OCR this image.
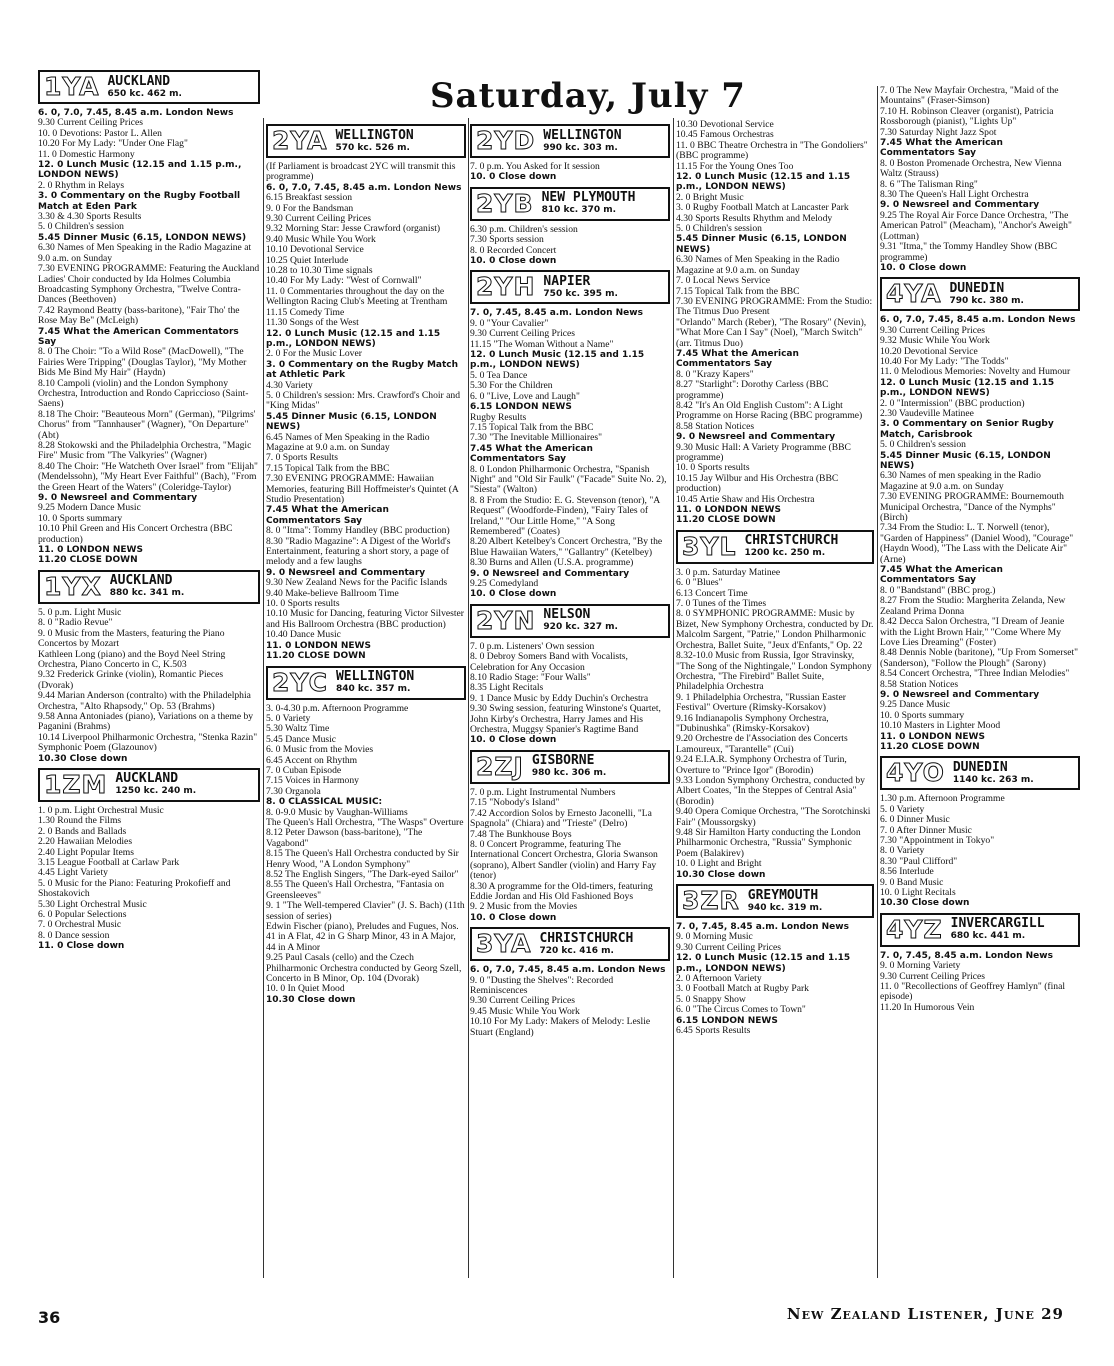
Saturday, July 7
1YA AUCKLAND
650 kc. 462 m.

6. 0, 7.0, 7.45, 8.45 a.m. London News

9.30 Current Ceiling Prices

10. 0 Devotions: Pastor L. Allen

10.20 For My Lady: "Under One Flag"

11. 0 Domestic Harmony

12. 0 Lunch Music (12.15 and 1.15 p.m., LONDON NEWS)

2. 0 Rhythm in Relays

3. 0 Commentary on the Rugby Football Match at Eden Park

3.30 & 4.30 Sports Results

5. 0 Children's session

5.45 Dinner Music (6.15, LONDON NEWS)

6.30 Names of Men Speaking in the Radio Magazine at 9.0 a.m. on Sunday

7.30 EVENING PROGRAMME: Featuring the Auckland Ladies' Choir conducted by Ida Holmes Columbia Broadcasting Symphony Orchestra, "Twelve Contra-Dances (Beethoven)

7.42 Raymond Beatty (bass-baritone), "Fair Tho' the Rose May Be" (McLeigh)

7.45 What the American Commentators Say

8. 0 The Choir: "To a Wild Rose" (MacDowell), "The Fairies Were Tripping" (Douglas Taylor), "My Mother Bids Me Bind My Hair" (Haydn)

8.10 Campoli (violin) and the London Symphony Orchestra, Introduction and Rondo Capriccioso (Saint-Saens)

8.18 The Choir: "Beauteous Morn" (German), "Pilgrims' Chorus" from "Tannhauser" (Wagner), "On Departure" (Abt)

8.28 Stokowski and the Philadelphia Orchestra, "Magic Fire" Music from "The Valkyries" (Wagner)

8.40 The Choir: "He Watcheth Over Israel" from "Elijah" (Mendelssohn), "My Heart Ever Faithful" (Bach), "From the Green Heart of the Waters" (Coleridge-Taylor)

9. 0 Newsreel and Commentary

9.25 Modern Dance Music

10. 0 Sports summary

10.10 Phil Green and His Concert Orchestra (BBC production)

11. 0 LONDON NEWS

11.20 CLOSE DOWN

1YX AUCKLAND
880 kc. 341 m.

5. 0 p.m. Light Music

8. 0 "Radio Revue"

9. 0 Music from the Masters, featuring the Piano Concertos by Mozart

Kathleen Long (piano) and the Boyd Neel String Orchestra, Piano Concerto in C, K.503

9.32 Frederick Grinke (violin), Romantic Pieces (Dvorak)

9.44 Marian Anderson (contralto) with the Philadelphia Orchestra, "Alto Rhapsody," Op. 53 (Brahms)

9.58 Anna Antoniades (piano), Variations on a theme by Paganini (Brahms)

10.14 Liverpool Philharmonic Orchestra, "Stenka Razin" Symphonic Poem (Glazounov)

10.30 Close down

1ZM AUCKLAND
1250 kc. 240 m.

1. 0 p.m. Light Orchestral Music

1.30 Round the Films

2. 0 Bands and Ballads

2.20 Hawaiian Melodies

2.40 Light Popular Items

3.15 League Football at Carlaw Park

4.45 Light Variety

5. 0 Music for the Piano: Featuring Prokofieff and Shostakovich

5.30 Light Orchestral Music

6. 0 Popular Selections

7. 0 Orchestral Music

8. 0 Dance session

11. 0 Close down

2YA WELLINGTON
570 kc. 526 m.

(If Parliament is broadcast 2YC will transmit this programme)

6. 0, 7.0, 7.45, 8.45 a.m. London News

6.15 Breakfast session

9. 0 For the Bandsman

9.30 Current Ceiling Prices

9.32 Morning Star: Jesse Crawford (organist)

9.40 Music While You Work

10.10 Devotional Service

10.25 Quiet Interlude

10.28 to 10.30 Time signals

10.40 For My Lady: "West of Cornwall"

11. 0 Commentaries throughout the day on the Wellington Racing Club's Meeting at Trentham

11.15 Comedy Time

11.30 Songs of the West

12. 0 Lunch Music (12.15 and 1.15 p.m., LONDON NEWS)

2. 0 For the Music Lover

3. 0 Commentary on the Rugby Match at Athletic Park

4.30 Variety

5. 0 Children's session: Mrs. Crawford's Choir and "King Midas"

5.45 Dinner Music (6.15, LONDON NEWS)

6.45 Names of Men Speaking in the Radio Magazine at 9.0 a.m. on Sunday

7. 0 Sports Results

7.15 Topical Talk from the BBC

7.30 EVENING PROGRAMME: Hawaiian Memories, featuring Bill Hoffmeister's Quintet (A Studio Presentation)

7.45 What the American Commentators Say

8. 0 "Itma": Tommy Handley (BBC production)

8.30 "Radio Magazine": A Digest of the World's Entertainment, featuring a short story, a page of melody and a few laughs

9. 0 Newsreel and Commentary

9.30 New Zealand News for the Pacific Islands

9.40 Make-believe Ballroom Time

10. 0 Sports results

10.10 Music for Dancing, featuring Victor Silvester and His Ballroom Orchestra (BBC production)

10.40 Dance Music

11. 0 LONDON NEWS

11.20 CLOSE DOWN

2YC WELLINGTON
840 kc. 357 m.

3. 0-4.30 p.m. Afternoon Programme

5. 0 Variety

5.30 Waltz Time

5.45 Dance Music

6. 0 Music from the Movies

6.45 Accent on Rhythm

7. 0 Cuban Episode

7.15 Voices in Harmony

7.30 Organola

8. 0 CLASSICAL MUSIC:

8. 0-9.0 Music by Vaughan-Williams

The Queen's Hall Orchestra, "The Wasps" Overture

8.12 Peter Dawson (bass-baritone), "The Vagabond"

8.15 The Queen's Hall Orchestra conducted by Sir Henry Wood, "A London Symphony"

8.52 The English Singers, "The Dark-eyed Sailor"

8.55 The Queen's Hall Orchestra, "Fantasia on Greensleeves"

9. 1 "The Well-tempered Clavier" (J. S. Bach) (11th session of series)

Edwin Fischer (piano), Preludes and Fugues, Nos. 41 in A Flat, 42 in G Sharp Minor, 43 in A Major, 44 in A Minor

9.25 Paul Casals (cello) and the Czech Philharmonic Orchestra conducted by Georg Szell, Concerto in B Minor, Op. 104 (Dvorak)

10. 0 In Quiet Mood

10.30 Close down

2YD WELLINGTON
990 kc. 303 m.

7. 0 p.m. You Asked for It session

10. 0 Close down

2YB NEW PLYMOUTH
810 kc. 370 m.

6.30 p.m. Children's session

7.30 Sports session

8. 0 Recorded Concert

10. 0 Close down

2YH NAPIER
750 kc. 395 m.

7. 0, 7.45, 8.45 a.m. London News

9. 0 "Your Cavalier"

9.30 Current Ceiling Prices

11.15 "The Woman Without a Name"

12. 0 Lunch Music (12.15 and 1.15 p.m., LONDON NEWS)

5. 0 Tea Dance

5.30 For the Children

6. 0 "Live, Love and Laugh"

6.15 LONDON NEWS

Rugby Results

7.15 Topical Talk from the BBC

7.30 "The Inevitable Millionaires"

7.45 What the American Commentators Say

8. 0 London Philharmonic Orchestra, "Spanish Night" and "Old Sir Faulk" ("Facade" Suite No. 2), "Siesta" (Walton)

8. 8 From the Studio: E. G. Stevenson (tenor), "A Request" (Woodforde-Finden), "Fairy Tales of Ireland," "Our Little Home," "A Song Remembered" (Coates)

8.20 Albert Ketelbey's Concert Orchestra, "By the Blue Hawaiian Waters," "Gallantry" (Ketelbey)

8.30 Burns and Allen (U.S.A. programme)

9. 0 Newsreel and Commentary

9.25 Comedyland

10. 0 Close down

2YN NELSON
920 kc. 327 m.

7. 0 p.m. Listeners' Own session

8. 0 Debroy Somers Band with Vocalists, Celebration for Any Occasion

8.10 Radio Stage: "Four Walls"

8.35 Light Recitals

9. 1 Dance Music by Eddy Duchin's Orchestra

9.30 Swing session, featuring Winstone's Quartet, John Kirby's Orchestra, Harry James and His Orchestra, Muggsy Spanier's Ragtime Band

10. 0 Close down

2ZJ GISBORNE
980 kc. 306 m.

7. 0 p.m. Light Instrumental Numbers

7.15 "Nobody's Island"

7.42 Accordion Solos by Ernesto Jaconelli, "La Spagnola" (Chiara) and "Trieste" (Delro)

7.48 The Bunkhouse Boys

8. 0 Concert Programme, featuring The International Concert Orchestra, Gloria Swanson (soprano), Albert Sandler (violin) and Harry Fay (tenor)

8.30 A programme for the Old-timers, featuring Eddie Jordan and His Old Fashioned Boys

9. 2 Music from the Movies

10. 0 Close down

3YA CHRISTCHURCH
720 kc. 416 m.

6. 0, 7.0, 7.45, 8.45 a.m. London News

9. 0 "Dusting the Shelves": Recorded Reminiscences

9.30 Current Ceiling Prices

9.45 Music While You Work

10.10 For My Lady: Makers of Melody: Leslie Stuart (England)

10.30 Devotional Service

10.45 Famous Orchestras

11. 0 BBC Theatre Orchestra in "The Gondoliers" (BBC programme)

11.15 For the Young Ones Too

12. 0 Lunch Music (12.15 and 1.15 p.m., LONDON NEWS)

2. 0 Bright Music

3. 0 Rugby Football Match at Lancaster Park

4.30 Sports Results Rhythm and Melody

5. 0 Children's session

5.45 Dinner Music (6.15, LONDON NEWS)

6.30 Names of Men Speaking in the Radio Magazine at 9.0 a.m. on Sunday

7. 0 Local News Service

7.15 Topical Talk from the BBC

7.30 EVENING PROGRAMME: From the Studio: The Titmus Duo Present

"Orlando" March (Reber), "The Rosary" (Nevin), "What More Can I Say" (Noel), "March Switch" (arr. Titmus Duo)

7.45 What the American Commentators Say

8. 0 "Krazy Kapers"

8.27 "Starlight": Dorothy Carless (BBC programme)

8.42 "It's An Old English Custom": A Light Programme on Horse Racing (BBC programme)

8.58 Station Notices

9. 0 Newsreel and Commentary

9.30 Music Hall: A Variety Programme (BBC programme)

10. 0 Sports results

10.15 Jay Wilbur and His Orchestra (BBC production)

10.45 Artie Shaw and His Orchestra

11. 0 LONDON NEWS

11.20 CLOSE DOWN

3YL CHRISTCHURCH
1200 kc. 250 m.

3. 0 p.m. Saturday Matinee

6. 0 "Blues"

6.13 Concert Time

7. 0 Tunes of the Times

8. 0 SYMPHONIC PROGRAMME: Music by Bizet, New Symphony Orchestra, conducted by Dr. Malcolm Sargent, "Patrie," London Philharmonic Orchestra, Ballet Suite, "Jeux d'Enfants," Op. 22

8.32-10.0 Music from Russia, Igor Stravinsky, "The Song of the Nightingale," London Symphony Orchestra, "The Firebird" Ballet Suite, Philadelphia Orchestra

9. 1 Philadelphia Orchestra, "Russian Easter Festival" Overture (Rimsky-Korsakov)

9.16 Indianapolis Symphony Orchestra, "Dubinushka" (Rimsky-Korsakov)

9.20 Orchestre de l'Association des Concerts Lamoureux, "Tarantelle" (Cui)

9.24 E.I.A.R. Symphony Orchestra of Turin, Overture to "Prince Igor" (Borodin)

9.33 London Symphony Orchestra, conducted by Albert Coates, "In the Steppes of Central Asia" (Borodin)

9.40 Opera Comique Orchestra, "The Sorotchinski Fair" (Moussorgsky)

9.48 Sir Hamilton Harty conducting the London Philharmonic Orchestra, "Russia" Symphonic Poem (Balakirev)

10. 0 Light and Bright

10.30 Close down

3ZR GREYMOUTH
940 kc. 319 m.

7. 0, 7.45, 8.45 a.m. London News

9. 0 Morning Music

9.30 Current Ceiling Prices

12. 0 Lunch Music (12.15 and 1.15 p.m., LONDON NEWS)

2. 0 Afternoon Variety

3. 0 Football Match at Rugby Park

5. 0 Snappy Show

6. 0 "The Circus Comes to Town"

6.15 LONDON NEWS

6.45 Sports Results

7. 0 The New Mayfair Orchestra, "Maid of the Mountains" (Fraser-Simson)

7.10 H. Robinson Cleaver (organist), Patricia Rossborough (pianist), "Lights Up"

7.30 Saturday Night Jazz Spot

7.45 What the American Commentators Say

8. 0 Boston Promenade Orchestra, New Vienna Waltz (Strauss)

8. 6 "The Talisman Ring"

8.30 The Queen's Hall Light Orchestra

9. 0 Newsreel and Commentary

9.25 The Royal Air Force Dance Orchestra, "The American Patrol" (Meacham), "Anchor's Aweigh" (Lottman)

9.31 "Itma," the Tommy Handley Show (BBC programme)

10. 0 Close down

4YA DUNEDIN
790 kc. 380 m.

6. 0, 7.0, 7.45, 8.45 a.m. London News

9.30 Current Ceiling Prices

9.32 Music While You Work

10.20 Devotional Service

10.40 For My Lady: "The Todds"

11. 0 Melodious Memories: Novelty and Humour

12. 0 Lunch Music (12.15 and 1.15 p.m., LONDON NEWS)

2. 0 "Intermission" (BBC production)

2.30 Vaudeville Matinee

3. 0 Commentary on Senior Rugby Match, Carisbrook

5. 0 Children's session

5.45 Dinner Music (6.15, LONDON NEWS)

6.30 Names of men speaking in the Radio Magazine at 9.0 a.m. on Sunday

7.30 EVENING PROGRAMME: Bournemouth Municipal Orchestra, "Dance of the Nymphs" (Birch)

7.34 From the Studio: L. T. Norwell (tenor), "Garden of Happiness" (Daniel Wood), "Courage" (Haydn Wood), "The Lass with the Delicate Air" (Arne)

7.45 What the American Commentators Say

8. 0 "Bandstand" (BBC prog.)

8.27 From the Studio: Margherita Zelanda, New Zealand Prima Donna

8.42 Decca Salon Orchestra, "I Dream of Jeanie with the Light Brown Hair," "Come Where My Love Lies Dreaming" (Foster)

8.48 Dennis Noble (baritone), "Up From Somerset" (Sanderson), "Follow the Plough" (Sarony)

8.54 Concert Orchestra, "Three Indian Melodies"

8.58 Station Notices

9. 0 Newsreel and Commentary

9.25 Dance Music

10. 0 Sports summary

10.10 Masters in Lighter Mood

11. 0 LONDON NEWS

11.20 CLOSE DOWN

4YO DUNEDIN
1140 kc. 263 m.

1.30 p.m. Afternoon Programme

5. 0 Variety

6. 0 Dinner Music

7. 0 After Dinner Music

7.30 "Appointment in Tokyo"

8. 0 Variety

8.30 "Paul Clifford"

8.56 Interlude

9. 0 Band Music

10. 0 Light Recitals

10.30 Close down

4YZ INVERCARGILL
680 kc. 441 m.

7. 0, 7.45, 8.45 a.m. London News

9. 0 Morning Variety

9.30 Current Ceiling Prices

11. 0 "Recollections of Geoffrey Hamlyn" (final episode)

11.20 In Humorous Vein

36	New Zealand Listener, June 29
